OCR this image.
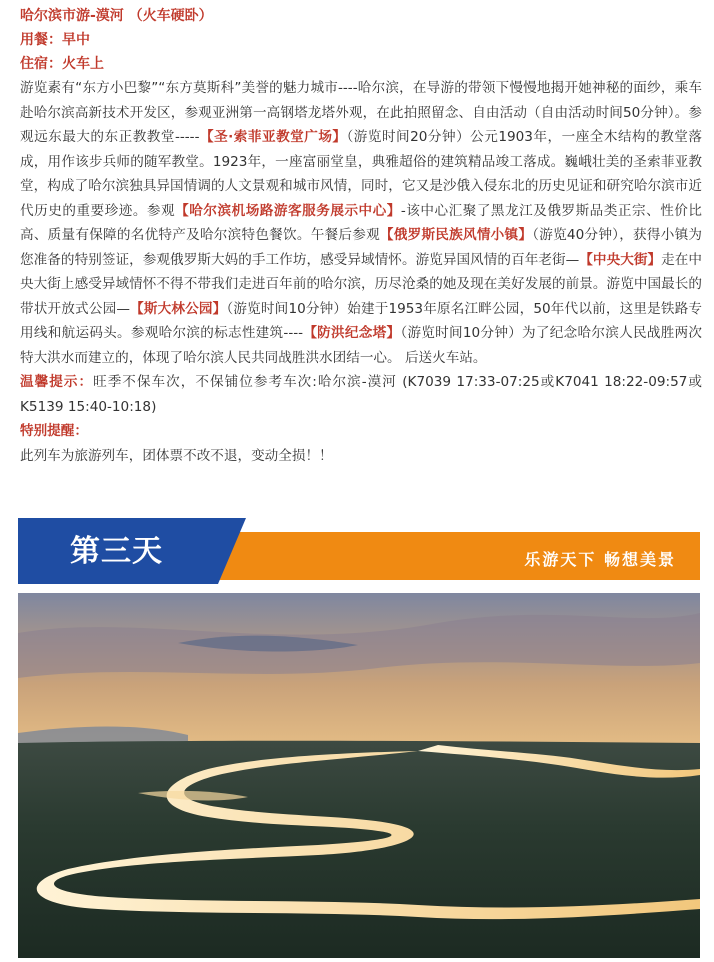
哈尔滨市游-漠河 （火车硬卧）

用餐：早中

住宿：火车上

游览素有“东方小巴黎”“东方莫斯科”美誉的魅力城市----哈尔滨，在导游的带领下慢慢地揭开她神秘的面纱，乘车赴哈尔滨高新技术开发区，参观亚洲第一高钢塔龙塔外观，在此拍照留念、自由活动（自由活动时间50分钟）。参观远东最大的东正教教堂-----【圣·索菲亚教堂广场】（游览时间20分钟）公元1903年，一座全木结构的教堂落成，用作该步兵师的随军教堂。1923年，一座富丽堂皇，典雅超俗的建筑精品竣工落成。巍峨壮美的圣索菲亚教堂，构成了哈尔滨独具异国情调的人文景观和城市风情，同时，它又是沙俄入侵东北的历史见证和研究哈尔滨市近代历史的重要珍迹。参观【哈尔滨机场路游客服务展示中心】-该中心汇聚了黑龙江及俄罗斯品类正宗、性价比高、质量有保障的名优特产及哈尔滨特色餐饮。午餐后参观【俄罗斯民族风情小镇】（游览40分钟），获得小镇为您准备的特别签证，参观俄罗斯大妈的手工作坊，感受异域情怀。游览异国风情的百年老街—【中央大街】走在中央大街上感受异域情怀不得不带我们走进百年前的哈尔滨，历尽沧桑的她及现在美好发展的前景。游览中国最长的带状开放式公园—【斯大林公园】（游览时间10分钟）始建于1953年原名江畔公园，50年代以前，这里是铁路专用线和航运码头。参观哈尔滨的标志性建筑----【防洪纪念塔】（游览时间10分钟）为了纪念哈尔滨人民战胜两次特大洪水而建立的，体现了哈尔滨人民共同战胜洪水团结一心。 后送火车站。

温馨提示：旺季不保车次，不保铺位参考车次:哈尔滨-漠河 (K7039 17:33-07:25或K7041 18:22-09:57或K5139 15:40-10:18)

特别提醒：

此列车为旅游列车，团体票不改不退，变动全损！！

第三天	乐游天下 畅想美景
